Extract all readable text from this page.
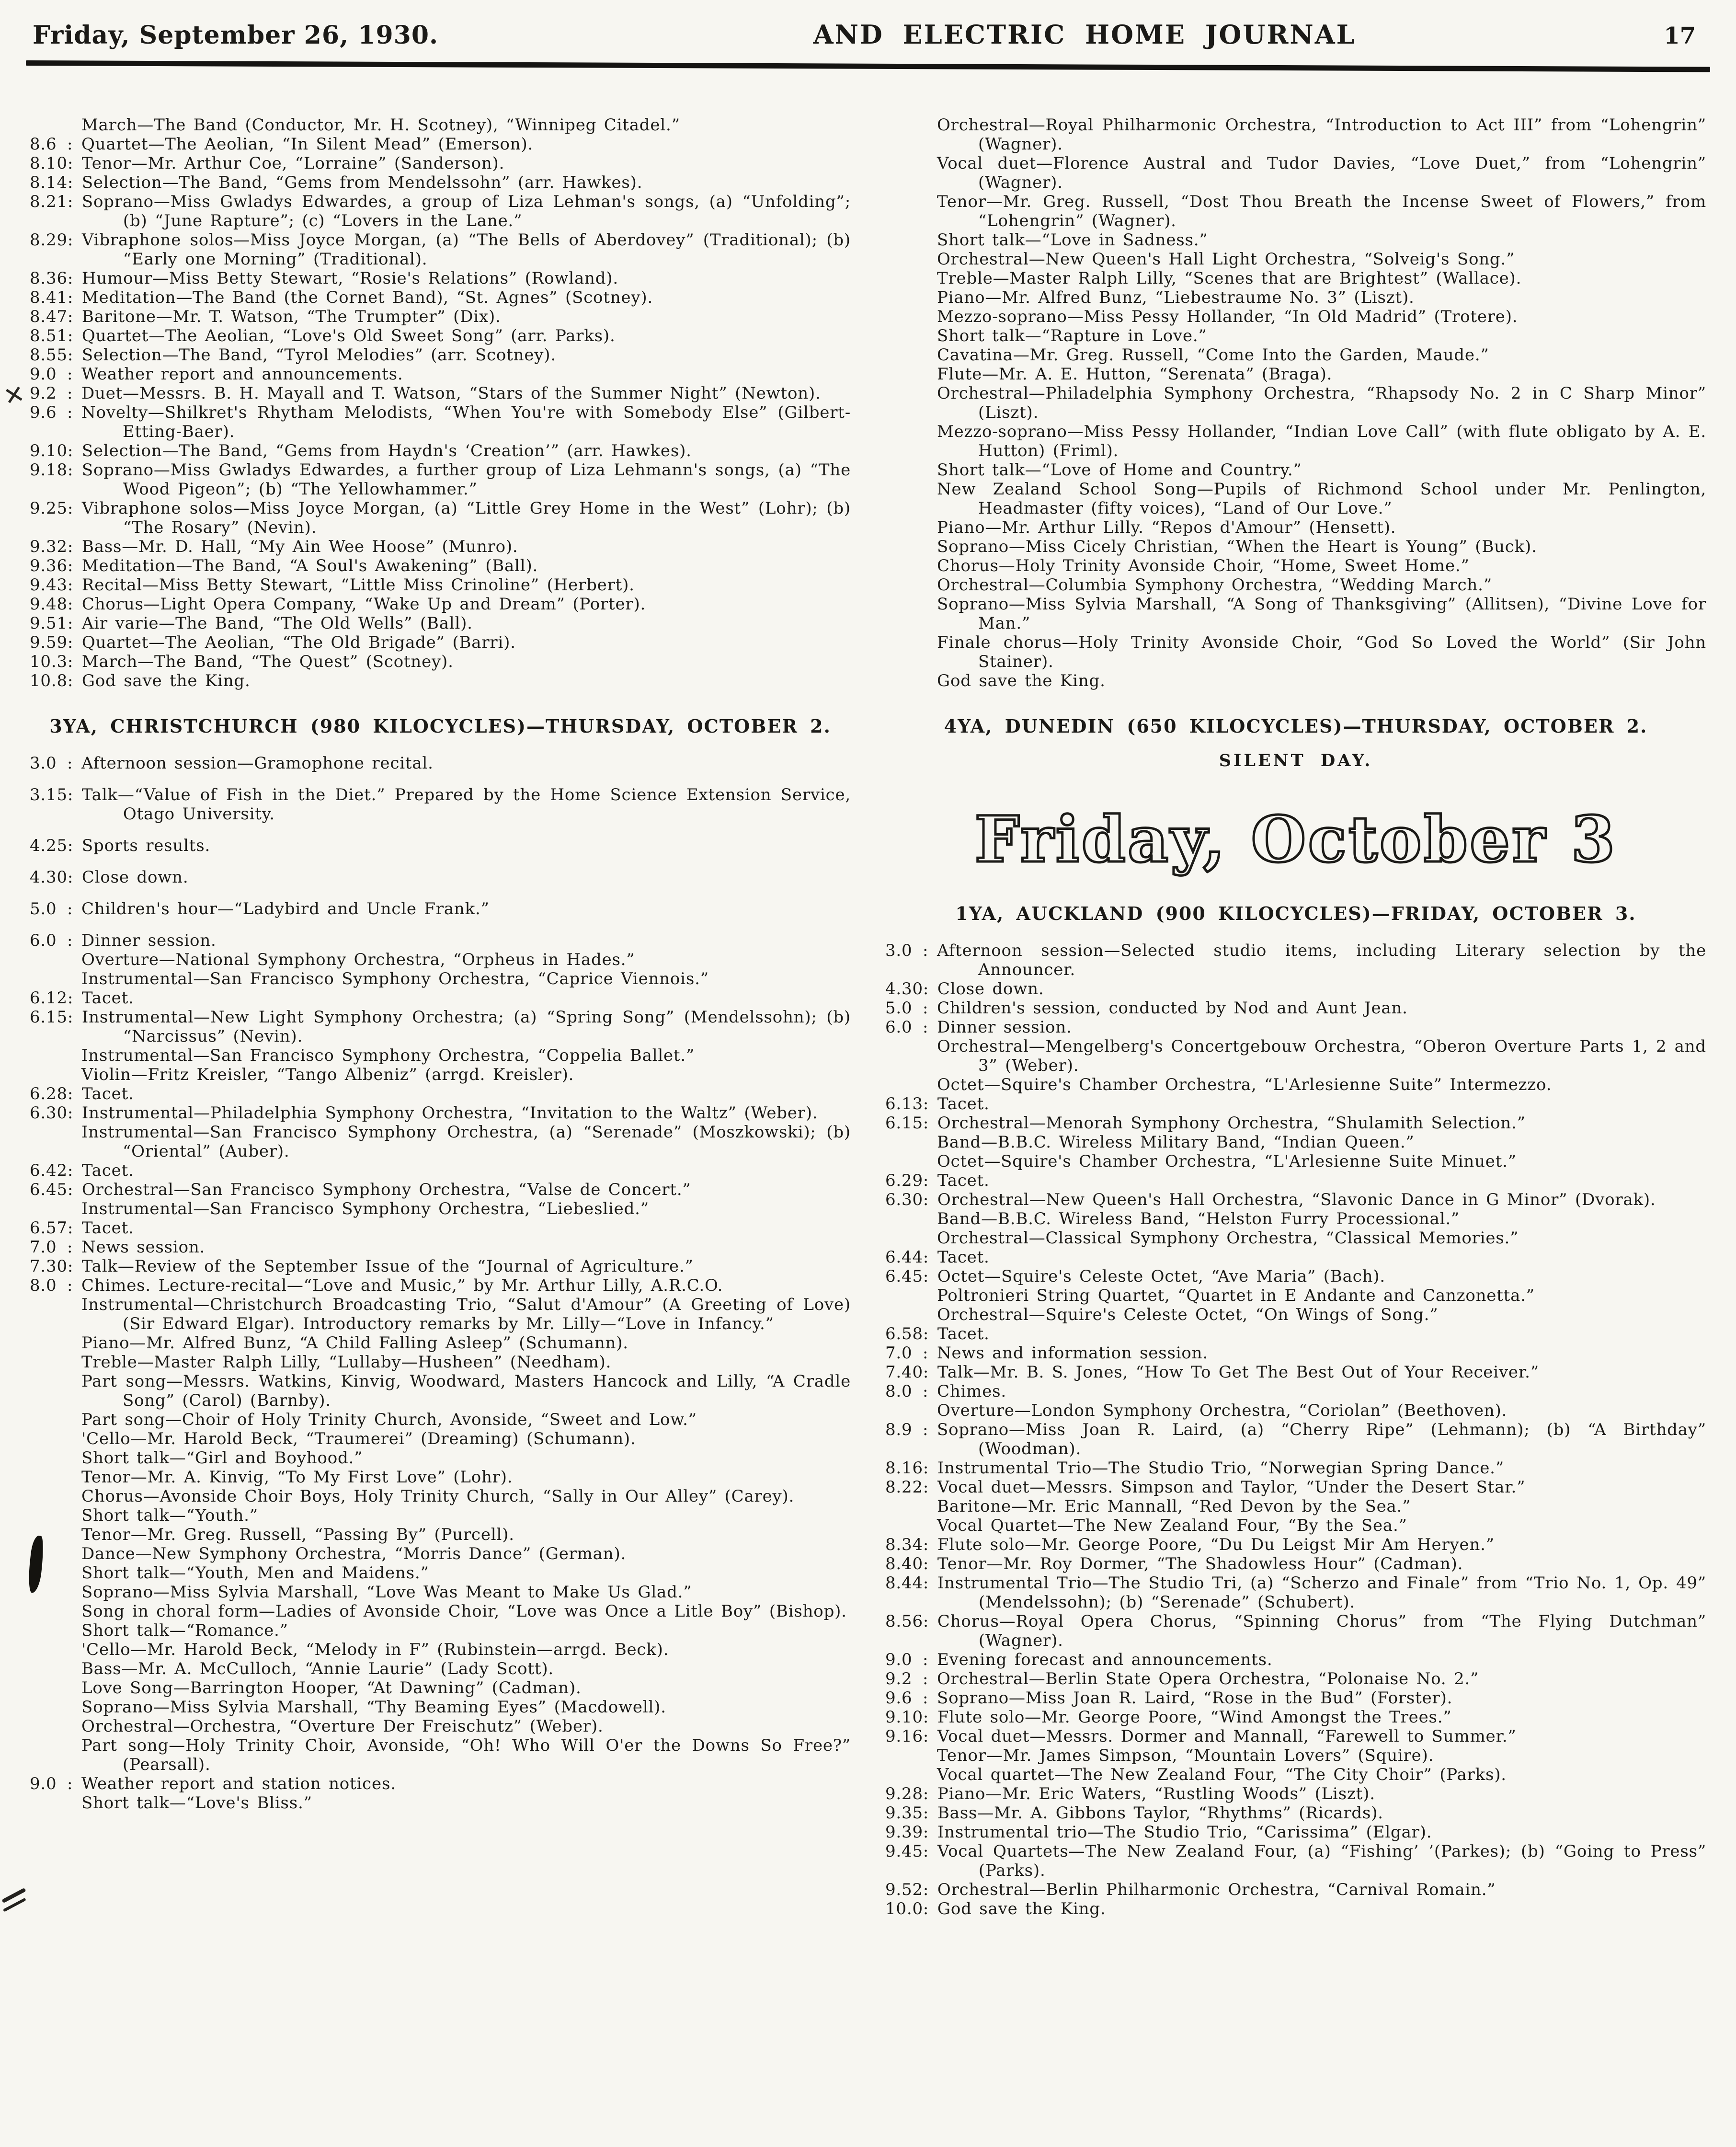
Friday, September 26, 1930.	AND ELECTRIC HOME JOURNAL	17
March—The Band (Conductor, Mr. H. Scotney), “Winnipeg Citadel.”
8.6 : Quartet—The Aeolian, “In Silent Mead” (Emerson).
8.10 : Tenor—Mr. Arthur Coe, “Lorraine” (Sanderson).
8.14 : Selection—The Band, “Gems from Mendelssohn” (arr. Hawkes).
8.21 : Soprano—Miss Gwladys Edwardes, a group of Liza Lehman's songs, (a) “Unfolding”; (b) “June Rapture”; (c) “Lovers in the Lane.”
8.29 : Vibraphone solos—Miss Joyce Morgan, (a) “The Bells of Aberdovey” (Traditional); (b) “Early one Morning” (Traditional).
8.36 : Humour—Miss Betty Stewart, “Rosie's Relations” (Rowland).
8.41 : Meditation—The Band (the Cornet Band), “St. Agnes” (Scotney).
8.47 : Baritone—Mr. T. Watson, “The Trumpter” (Dix).
8.51 : Quartet—The Aeolian, “Love's Old Sweet Song” (arr. Parks).
8.55 : Selection—The Band, “Tyrol Melodies” (arr. Scotney).
9.0 : Weather report and announcements.
9.2 : Duet—Messrs. B. H. Mayall and T. Watson, “Stars of the Summer Night” (Newton).
9.6 : Novelty—Shilkret's Rhytham Melodists, “When You're with Somebody Else” (Gilbert-Etting-Baer).
9.10 : Selection—The Band, “Gems from Haydn's ‘Creation’” (arr. Hawkes).
9.18 : Soprano—Miss Gwladys Edwardes, a further group of Liza Lehmann's songs, (a) “The Wood Pigeon”; (b) “The Yellowhammer.”
9.25 : Vibraphone solos—Miss Joyce Morgan, (a) “Little Grey Home in the West” (Lohr); (b) “The Rosary” (Nevin).
9.32 : Bass—Mr. D. Hall, “My Ain Wee Hoose” (Munro).
9.36 : Meditation—The Band, “A Soul's Awakening” (Ball).
9.43 : Recital—Miss Betty Stewart, “Little Miss Crinoline” (Herbert).
9.48 : Chorus—Light Opera Company, “Wake Up and Dream” (Porter).
9.51 : Air varie—The Band, “The Old Wells” (Ball).
9.59 : Quartet—The Aeolian, “The Old Brigade” (Barri).
10.3 : March—The Band, “The Quest” (Scotney).
10.8 : God save the King.
3YA, CHRISTCHURCH (980 KILOCYCLES)—THURSDAY, OCTOBER 2.
3.0 : Afternoon session—Gramophone recital.
3.15 : Talk—“Value of Fish in the Diet.” Prepared by the Home Science Extension Service, Otago University.
4.25 : Sports results.
4.30 : Close down.
5.0 : Children's hour—“Ladybird and Uncle Frank.”
6.0 : Dinner session.
Overture—National Symphony Orchestra, “Orpheus in Hades.”
Instrumental—San Francisco Symphony Orchestra, “Caprice Viennois.”
6.12 : Tacet.
6.15 : Instrumental—New Light Symphony Orchestra; (a) “Spring Song” (Mendelssohn); (b) “Narcissus” (Nevin).
Instrumental—San Francisco Symphony Orchestra, “Coppelia Ballet.”
Violin—Fritz Kreisler, “Tango Albeniz” (arrgd. Kreisler).
6.28 : Tacet.
6.30 : Instrumental—Philadelphia Symphony Orchestra, “Invitation to the Waltz” (Weber).
Instrumental—San Francisco Symphony Orchestra, (a) “Serenade” (Moszkowski); (b) “Oriental” (Auber).
6.42 : Tacet.
6.45 : Orchestral—San Francisco Symphony Orchestra, “Valse de Concert.”
Instrumental—San Francisco Symphony Orchestra, “Liebeslied.”
6.57 : Tacet.
7.0 : News session.
7.30 : Talk—Review of the September Issue of the “Journal of Agriculture.”
8.0 : Chimes. Lecture-recital—“Love and Music,” by Mr. Arthur Lilly, A.R.C.O.
Instrumental—Christchurch Broadcasting Trio, “Salut d'Amour” (A Greeting of Love) (Sir Edward Elgar). Introductory remarks by Mr. Lilly—“Love in Infancy.”
Piano—Mr. Alfred Bunz, “A Child Falling Asleep” (Schumann).
Treble—Master Ralph Lilly, “Lullaby—Husheen” (Needham).
Part song—Messrs. Watkins, Kinvig, Woodward, Masters Hancock and Lilly, “A Cradle Song” (Carol) (Barnby).
Part song—Choir of Holy Trinity Church, Avonside, “Sweet and Low.”
'Cello—Mr. Harold Beck, “Traumerei” (Dreaming) (Schumann).
Short talk—“Girl and Boyhood.”
Tenor—Mr. A. Kinvig, “To My First Love” (Lohr).
Chorus—Avonside Choir Boys, Holy Trinity Church, “Sally in Our Alley” (Carey).
Short talk—“Youth.”
Tenor—Mr. Greg. Russell, “Passing By” (Purcell).
Dance—New Symphony Orchestra, “Morris Dance” (German).
Short talk—“Youth, Men and Maidens.”
Soprano—Miss Sylvia Marshall, “Love Was Meant to Make Us Glad.”
Song in choral form—Ladies of Avonside Choir, “Love was Once a Litle Boy” (Bishop).
Short talk—“Romance.”
'Cello—Mr. Harold Beck, “Melody in F” (Rubinstein—arrgd. Beck).
Bass—Mr. A. McCulloch, “Annie Laurie” (Lady Scott).
Love Song—Barrington Hooper, “At Dawning” (Cadman).
Soprano—Miss Sylvia Marshall, “Thy Beaming Eyes” (Macdowell).
Orchestral—Orchestra, “Overture Der Freischutz” (Weber).
Part song—Holy Trinity Choir, Avonside, “Oh! Who Will O'er the Downs So Free?” (Pearsall).
9.0 : Weather report and station notices.
Short talk—“Love's Bliss.”
Orchestral—Royal Philharmonic Orchestra, “Introduction to Act III” from “Lohengrin” (Wagner).
Vocal duet—Florence Austral and Tudor Davies, “Love Duet,” from “Lohengrin” (Wagner).
Tenor—Mr. Greg. Russell, “Dost Thou Breath the Incense Sweet of Flowers,” from “Lohengrin” (Wagner).
Short talk—“Love in Sadness.”
Orchestral—New Queen's Hall Light Orchestra, “Solveig's Song.”
Treble—Master Ralph Lilly, “Scenes that are Brightest” (Wallace).
Piano—Mr. Alfred Bunz, “Liebestraume No. 3” (Liszt).
Mezzo-soprano—Miss Pessy Hollander, “In Old Madrid” (Trotere).
Short talk—“Rapture in Love.”
Cavatina—Mr. Greg. Russell, “Come Into the Garden, Maude.”
Flute—Mr. A. E. Hutton, “Serenata” (Braga).
Orchestral—Philadelphia Symphony Orchestra, “Rhapsody No. 2 in C Sharp Minor” (Liszt).
Mezzo-soprano—Miss Pessy Hollander, “Indian Love Call” (with flute obligato by A. E. Hutton) (Friml).
Short talk—“Love of Home and Country.”
New Zealand School Song—Pupils of Richmond School under Mr. Penlington, Headmaster (fifty voices), “Land of Our Love.”
Piano—Mr. Arthur Lilly. “Repos d'Amour” (Hensett).
Soprano—Miss Cicely Christian, “When the Heart is Young” (Buck).
Chorus—Holy Trinity Avonside Choir, “Home, Sweet Home.”
Orchestral—Columbia Symphony Orchestra, “Wedding March.”
Soprano—Miss Sylvia Marshall, “A Song of Thanksgiving” (Allitsen), “Divine Love for Man.”
Finale chorus—Holy Trinity Avonside Choir, “God So Loved the World” (Sir John Stainer).
God save the King.
4YA, DUNEDIN (650 KILOCYCLES)—THURSDAY, OCTOBER 2.
SILENT DAY.
Friday, October 3
1YA, AUCKLAND (900 KILOCYCLES)—FRIDAY, OCTOBER 3.
3.0 : Afternoon session—Selected studio items, including Literary selection by the Announcer.
4.30 : Close down.
5.0 : Children's session, conducted by Nod and Aunt Jean.
6.0 : Dinner session.
Orchestral—Mengelberg's Concertgebouw Orchestra, “Oberon Overture Parts 1, 2 and 3” (Weber).
Octet—Squire's Chamber Orchestra, “L'Arlesienne Suite” Intermezzo.
6.13 : Tacet.
6.15 : Orchestral—Menorah Symphony Orchestra, “Shulamith Selection.”
Band—B.B.C. Wireless Military Band, “Indian Queen.”
Octet—Squire's Chamber Orchestra, “L'Arlesienne Suite Minuet.”
6.29 : Tacet.
6.30 : Orchestral—New Queen's Hall Orchestra, “Slavonic Dance in G Minor” (Dvorak).
Band—B.B.C. Wireless Band, “Helston Furry Processional.”
Orchestral—Classical Symphony Orchestra, “Classical Memories.”
6.44 : Tacet.
6.45 : Octet—Squire's Celeste Octet, “Ave Maria” (Bach).
Poltronieri String Quartet, “Quartet in E Andante and Canzonetta.”
Orchestral—Squire's Celeste Octet, “On Wings of Song.”
6.58 : Tacet.
7.0 : News and information session.
7.40 : Talk—Mr. B. S. Jones, “How To Get The Best Out of Your Receiver.”
8.0 : Chimes.
Overture—London Symphony Orchestra, “Coriolan” (Beethoven).
8.9 : Soprano—Miss Joan R. Laird, (a) “Cherry Ripe” (Lehmann); (b) “A Birthday” (Woodman).
8.16 : Instrumental Trio—The Studio Trio, “Norwegian Spring Dance.”
8.22 : Vocal duet—Messrs. Simpson and Taylor, “Under the Desert Star.”
Baritone—Mr. Eric Mannall, “Red Devon by the Sea.”
Vocal Quartet—The New Zealand Four, “By the Sea.”
8.34 : Flute solo—Mr. George Poore, “Du Du Leigst Mir Am Heryen.”
8.40 : Tenor—Mr. Roy Dormer, “The Shadowless Hour” (Cadman).
8.44 : Instrumental Trio—The Studio Tri, (a) “Scherzo and Finale” from “Trio No. 1, Op. 49” (Mendelssohn); (b) “Serenade” (Schubert).
8.56 : Chorus—Royal Opera Chorus, “Spinning Chorus” from “The Flying Dutchman” (Wagner).
9.0 : Evening forecast and announcements.
9.2 : Orchestral—Berlin State Opera Orchestra, “Polonaise No. 2.”
9.6 : Soprano—Miss Joan R. Laird, “Rose in the Bud” (Forster).
9.10 : Flute solo—Mr. George Poore, “Wind Amongst the Trees.”
9.16 : Vocal duet—Messrs. Dormer and Mannall, “Farewell to Summer.”
Tenor—Mr. James Simpson, “Mountain Lovers” (Squire).
Vocal quartet—The New Zealand Four, “The City Choir” (Parks).
9.28 : Piano—Mr. Eric Waters, “Rustling Woods” (Liszt).
9.35 : Bass—Mr. A. Gibbons Taylor, “Rhythms” (Ricards).
9.39 : Instrumental trio—The Studio Trio, “Carissima” (Elgar).
9.45 : Vocal Quartets—The New Zealand Four, (a) “Fishing’ ’(Parkes); (b) “Going to Press” (Parks).
9.52 : Orchestral—Berlin Philharmonic Orchestra, “Carnival Romain.”
10.0 : God save the King.
✕
